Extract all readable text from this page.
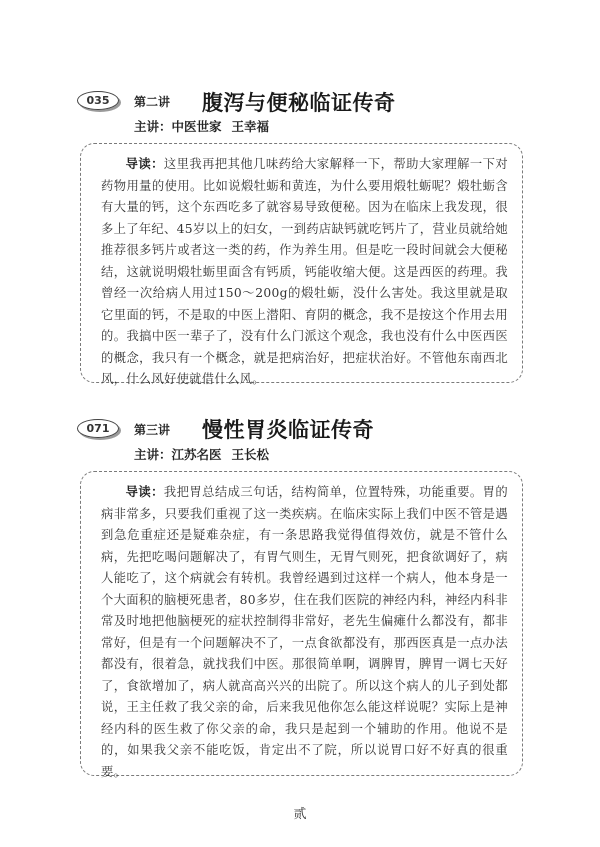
035	第二讲 腹泻与便秘临证传奇
主讲：中医世家 王幸福

导读：这里我再把其他几味药给大家解释一下，帮助大家理解一下对药物用量的使用。比如说煅牡蛎和黄连，为什么要用煅牡蛎呢？煅牡蛎含有大量的钙，这个东西吃多了就容易导致便秘。因为在临床上我发现，很多上了年纪、45岁以上的妇女，一到药店缺钙就吃钙片了，营业员就给她推荐很多钙片或者这一类的药，作为养生用。但是吃一段时间就会大便秘结，这就说明煅牡蛎里面含有钙质，钙能收缩大便。这是西医的药理。我曾经一次给病人用过150～200g的煅牡蛎，没什么害处。我这里就是取它里面的钙，不是取的中医上潜阳、育阴的概念，我不是按这个作用去用的。我搞中医一辈子了，没有什么门派这个观念，我也没有什么中医西医的概念，我只有一个概念，就是把病治好，把症状治好。不管他东南西北风，什么风好使就借什么风。

071	第三讲 慢性胃炎临证传奇
主讲：江苏名医 王长松

导读：我把胃总结成三句话，结构简单，位置特殊，功能重要。胃的病非常多，只要我们重视了这一类疾病。在临床实际上我们中医不管是遇到急危重症还是疑难杂症，有一条思路我觉得值得效仿，就是不管什么病，先把吃喝问题解决了，有胃气则生，无胃气则死，把食欲调好了，病人能吃了，这个病就会有转机。我曾经遇到过这样一个病人，他本身是一个大面积的脑梗死患者，80多岁，住在我们医院的神经内科，神经内科非常及时地把他脑梗死的症状控制得非常好，老先生偏瘫什么都没有，都非常好，但是有一个问题解决不了，一点食欲都没有，那西医真是一点办法都没有，很着急，就找我们中医。那很简单啊，调脾胃，脾胃一调七天好了，食欲增加了，病人就高高兴兴的出院了。所以这个病人的儿子到处都说，王主任救了我父亲的命，后来我见他你怎么能这样说呢？实际上是神经内科的医生救了你父亲的命，我只是起到一个辅助的作用。他说不是的，如果我父亲不能吃饭，肯定出不了院，所以说胃口好不好真的很重要。

贰
